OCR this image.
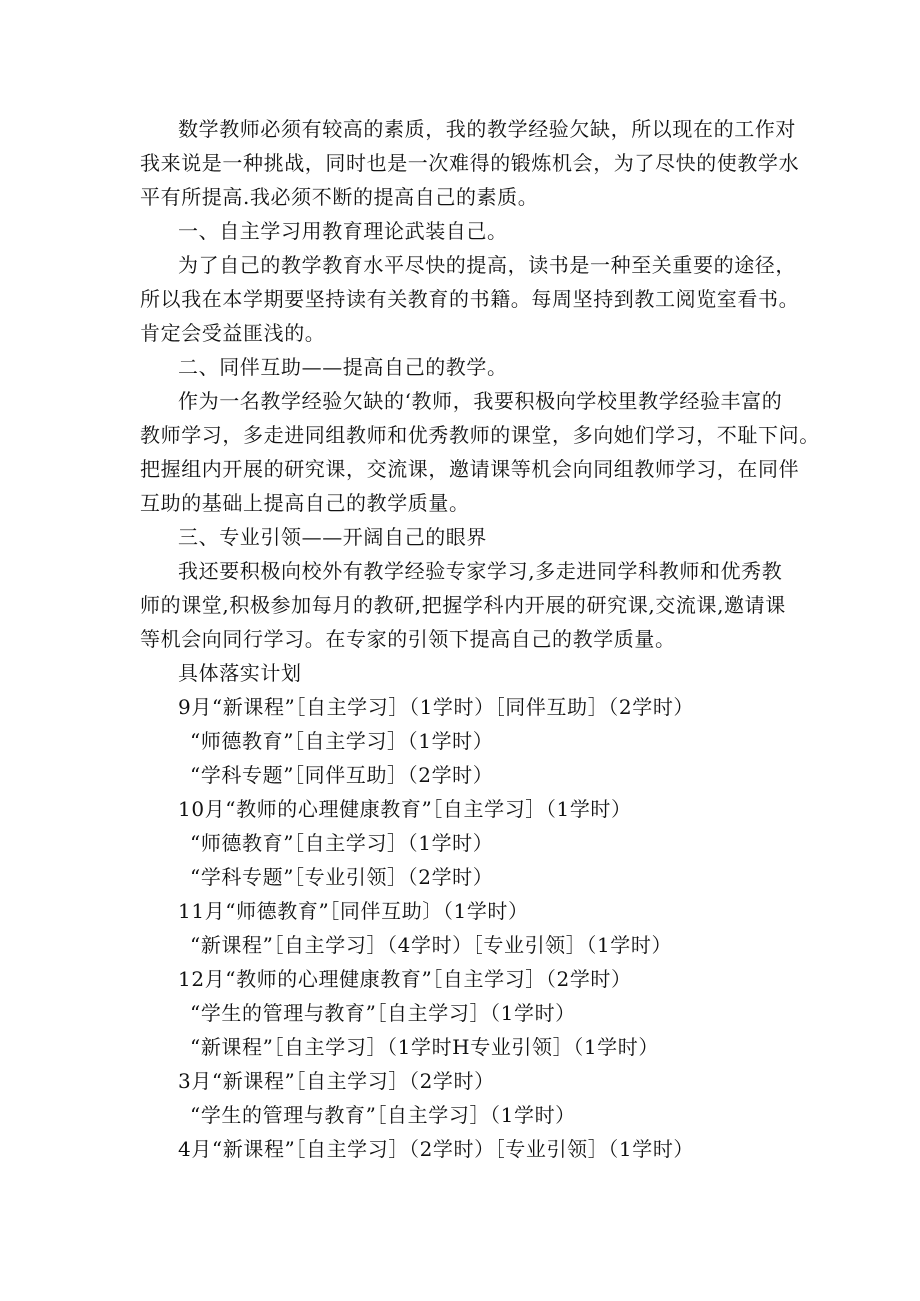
数学教师必须有较高的素质，我的教学经验欠缺，所以现在的工作对
我来说是一种挑战，同时也是一次难得的锻炼机会，为了尽快的使教学水
平有所提高.我必须不断的提高自己的素质。
一、自主学习用教育理论武装自己。
为了自己的教学教育水平尽快的提高，读书是一种至关重要的途径，
所以我在本学期要坚持读有关教育的书籍。每周坚持到教工阅览室看书。
肯定会受益匪浅的。
二、同伴互助——提高自己的教学。
作为一名教学经验欠缺的‘教师，我要积极向学校里教学经验丰富的
教师学习，多走进同组教师和优秀教师的课堂，多向她们学习，不耻下问。
把握组内开展的研究课，交流课，邀请课等机会向同组教师学习，在同伴
互助的基础上提高自己的教学质量。
三、专业引领——开阔自己的眼界
我还要积极向校外有教学经验专家学习,多走进同学科教师和优秀教
师的课堂,积极参加每月的教研,把握学科内开展的研究课,交流课,邀请课
等机会向同行学习。在专家的引领下提高自己的教学质量。
具体落实计划
9月“新课程”［自主学习］（1学时）［同伴互助］（2学时）
“师德教育”［自主学习］（1学时）
“学科专题”［同伴互助］（2学时）
10月“教师的心理健康教育”［自主学习］（1学时）
“师德教育”［自主学习］（1学时）
“学科专题”［专业引领］（2学时）
11月“师德教育”［同伴互助〕（1学时）
“新课程”［自主学习］（4学时）［专业引领］（1学时）
12月“教师的心理健康教育”［自主学习］（2学时）
“学生的管理与教育”［自主学习］（1学时）
“新课程”［自主学习］（1学时H专业引领］（1学时）
3月“新课程”［自主学习］（2学时）
“学生的管理与教育”［自主学习］（1学时）
4月“新课程”［自主学习］（2学时）［专业引领］（1学时）
